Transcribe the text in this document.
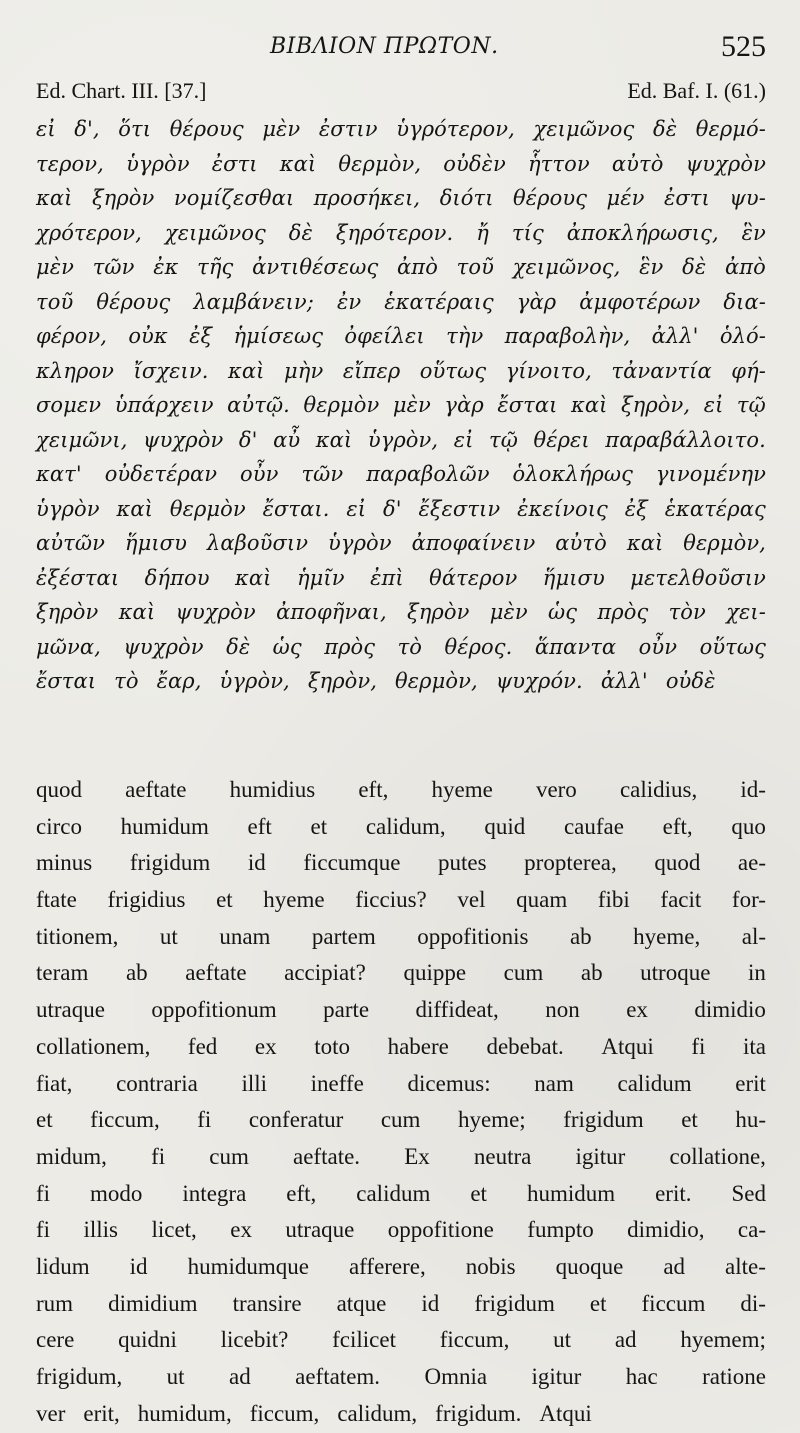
ΒΙΒΛΙΟΝ ΠΡΩΤΟΝ.	525
Ed. Chart. III. [37.]	Ed. Baf. I. (61.)
εἰ δ', ὅτι θέρους μὲν ἐστιν ὑγρότερον, χειμῶνος δὲ θερμό-
τερον, ὑγρὸν ἐστι καὶ θερμὸν, οὐδὲν ἧττον αὐτὸ ψυχρὸν
καὶ ξηρὸν νομίζεσθαι προσήκει, διότι θέρους μέν ἐστι ψυ-
χρότερον, χειμῶνος δὲ ξηρότερον. ἤ τίς ἀποκλήρωσις, ἓν
μὲν τῶν ἐκ τῆς ἀντιθέσεως ἀπὸ τοῦ χειμῶνος, ἓν δὲ ἀπὸ
τοῦ θέρους λαμβάνειν; ἐν ἑκατέραις γὰρ ἀμφοτέρων δια-
φέρον, οὐκ ἐξ ἡμίσεως ὀφείλει τὴν παραβολὴν, ἀλλ' ὁλό-
κληρον ἴσχειν. καὶ μὴν εἴπερ οὕτως γίνοιτο, τἀναντία φή-
σομεν ὑπάρχειν αὐτῷ. θερμὸν μὲν γὰρ ἔσται καὶ ξηρὸν, εἰ τῷ
χειμῶνι, ψυχρὸν δ' αὖ καὶ ὑγρὸν, εἰ τῷ θέρει παραβάλλοιτο.
κατ' οὐδετέραν οὖν τῶν παραβολῶν ὁλοκλήρως γινομένην
ὑγρὸν καὶ θερμὸν ἔσται. εἰ δ' ἔξεστιν ἐκείνοις ἐξ ἑκατέρας
αὐτῶν ἥμισυ λαβοῦσιν ὑγρὸν ἀποφαίνειν αὐτὸ καὶ θερμὸν,
ἐξέσται δήπου καὶ ἡμῖν ἐπὶ θάτερον ἥμισυ μετελθοῦσιν
ξηρὸν καὶ ψυχρὸν ἀποφῆναι, ξηρὸν μὲν ὡς πρὸς τὸν χει-
μῶνα, ψυχρὸν δὲ ὡς πρὸς τὸ θέρος. ἅπαντα οὖν οὕτως
ἔσται τὸ ἔαρ, ὑγρὸν, ξηρὸν, θερμὸν, ψυχρόν. ἀλλ' οὐδὲ
quod aeftate humidius eft, hyeme vero calidius, id-
circo humidum eft et calidum, quid caufae eft, quo
minus frigidum id ficcumque putes propterea, quod ae-
ftate frigidius et hyeme ficcius? vel quam fibi facit for-
titionem, ut unam partem oppofitionis ab hyeme, al-
teram ab aeftate accipiat? quippe cum ab utroque in
utraque oppofitionum parte diffideat, non ex dimidio
collationem, fed ex toto habere debebat. Atqui fi ita
fiat, contraria illi ineffe dicemus: nam calidum erit
et ficcum, fi conferatur cum hyeme; frigidum et hu-
midum, fi cum aeftate. Ex neutra igitur collatione,
fi modo integra eft, calidum et humidum erit. Sed
fi illis licet, ex utraque oppofitione fumpto dimidio, ca-
lidum id humidumque afferere, nobis quoque ad alte-
rum dimidium transire atque id frigidum et ficcum di-
cere quidni licebit? fcilicet ficcum, ut ad hyemem;
frigidum, ut ad aeftatem. Omnia igitur hac ratione
ver erit, humidum, ficcum, calidum, frigidum. Atqui
